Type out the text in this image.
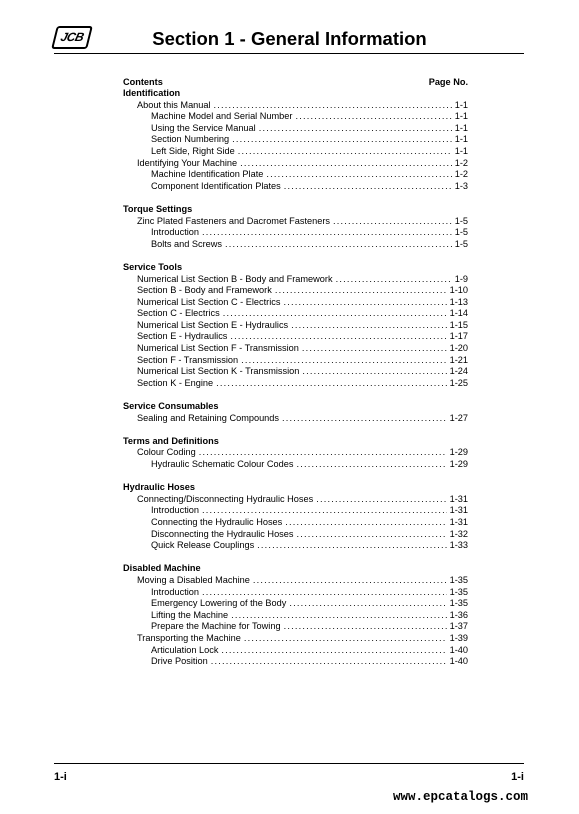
JCB	Section 1 - General Information
Contents	Page No.
Identification
About this Manual .....	1-1
Machine Model and Serial Number .....	1-1
Using the Service Manual .....	1-1
Section Numbering .....	1-1
Left Side, Right Side .....	1-1
Identifying Your Machine .....	1-2
Machine Identification Plate .....	1-2
Component Identification Plates .....	1-3
Torque Settings
Zinc Plated Fasteners and Dacromet Fasteners .....	1-5
Introduction .....	1-5
Bolts and Screws .....	1-5
Service Tools
Numerical List Section B - Body and Framework .....	1-9
Section B - Body and Framework .....	1-10
Numerical List Section C - Electrics .....	1-13
Section C - Electrics .....	1-14
Numerical List Section E - Hydraulics .....	1-15
Section E - Hydraulics .....	1-17
Numerical List Section F - Transmission .....	1-20
Section F - Transmission .....	1-21
Numerical List Section K - Transmission .....	1-24
Section K - Engine .....	1-25
Service Consumables
Sealing and Retaining Compounds .....	1-27
Terms and Definitions
Colour Coding .....	1-29
Hydraulic Schematic Colour Codes .....	1-29
Hydraulic Hoses
Connecting/Disconnecting Hydraulic Hoses .....	1-31
Introduction .....	1-31
Connecting the Hydraulic Hoses .....	1-31
Disconnecting the Hydraulic Hoses .....	1-32
Quick Release Couplings .....	1-33
Disabled Machine
Moving a Disabled Machine .....	1-35
Introduction .....	1-35
Emergency Lowering of the Body .....	1-35
Lifting the Machine .....	1-36
Prepare the Machine for Towing .....	1-37
Transporting the Machine .....	1-39
Articulation Lock .....	1-40
Drive Position .....	1-40
1-i	1-i
www.epcatalogs.com
